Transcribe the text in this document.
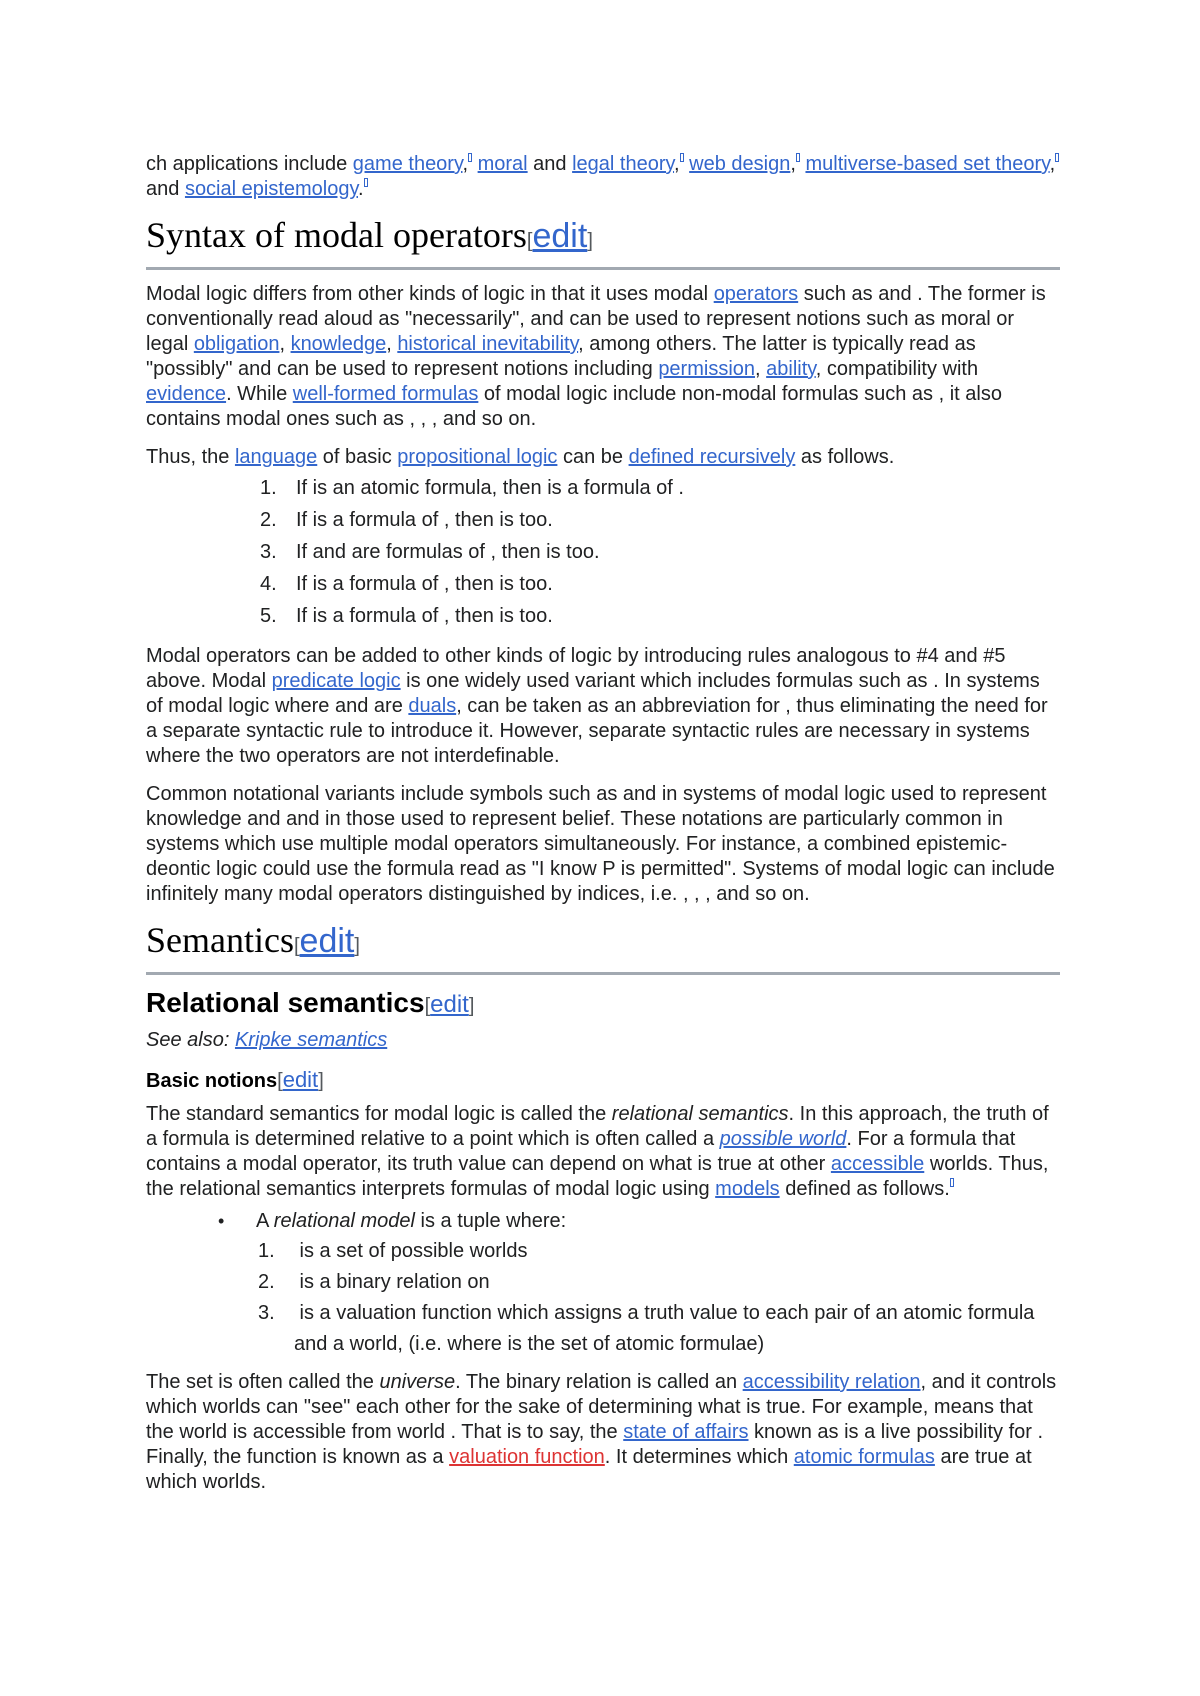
ch applications include game theory, moral and legal theory, web design, multiverse-based set theory, and social epistemology.

Syntax of modal operators[edit]

Modal logic differs from other kinds of logic in that it uses modal operators such as and . The former is conventionally read aloud as "necessarily", and can be used to represent notions such as moral or legal obligation, knowledge, historical inevitability, among others. The latter is typically read as "possibly" and can be used to represent notions including permission, ability, compatibility with evidence. While well-formed formulas of modal logic include non-modal formulas such as , it also contains modal ones such as , , , and so on.

Thus, the language of basic propositional logic can be defined recursively as follows.

1. If is an atomic formula, then is a formula of .
2. If is a formula of , then is too.
3. If and are formulas of , then is too.
4. If is a formula of , then is too.
5. If is a formula of , then is too.

Modal operators can be added to other kinds of logic by introducing rules analogous to #4 and #5 above. Modal predicate logic is one widely used variant which includes formulas such as . In systems of modal logic where and are duals, can be taken as an abbreviation for , thus eliminating the need for a separate syntactic rule to introduce it. However, separate syntactic rules are necessary in systems where the two operators are not interdefinable.

Common notational variants include symbols such as and in systems of modal logic used to represent knowledge and and in those used to represent belief. These notations are particularly common in systems which use multiple modal operators simultaneously. For instance, a combined epistemic-deontic logic could use the formula read as "I know P is permitted". Systems of modal logic can include infinitely many modal operators distinguished by indices, i.e. , , , and so on.

Semantics[edit]
Relational semantics[edit]
See also: Kripke semantics
Basic notions[edit]

The standard semantics for modal logic is called the relational semantics. In this approach, the truth of a formula is determined relative to a point which is often called a possible world. For a formula that contains a modal operator, its truth value can depend on what is true at other accessible worlds. Thus, the relational semantics interprets formulas of modal logic using models defined as follows.

• A relational model is a tuple where:
1. is a set of possible worlds
2. is a binary relation on
3. is a valuation function which assigns a truth value to each pair of an atomic formula and a world, (i.e. where is the set of atomic formulae)

The set is often called the universe. The binary relation is called an accessibility relation, and it controls which worlds can "see" each other for the sake of determining what is true. For example, means that the world is accessible from world . That is to say, the state of affairs known as is a live possibility for . Finally, the function is known as a valuation function. It determines which atomic formulas are true at which worlds.
